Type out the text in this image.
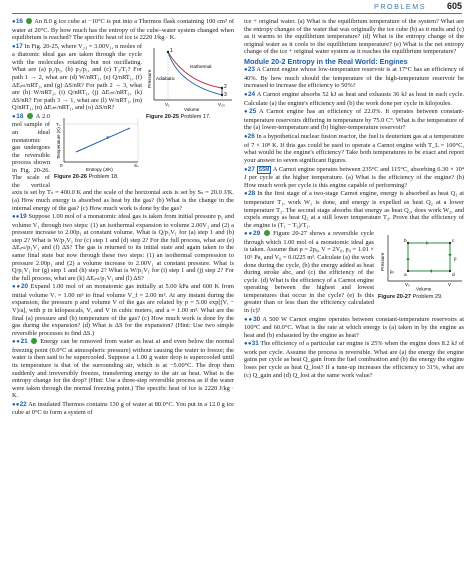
PROBLEMS 605

●16 An 8.0 g ice cube at −10°C is put into a Thermos flask containing 100 cm³ of water at 20°C. By how much has the entropy of the cube–water system changed when equilibrium is reached? The specific heat of ice is 2220 J/kg · K.

1
2
3
Isothermal
Adiabatic
V₁	V₂₃
Volume
Pressure
Figure 20-25 Problem 17.

●17 In Fig. 20-25, where V₂₃ = 3.00V₁, n moles of a diatomic ideal gas are taken through the cycle with the molecules rotating but not oscillating. What are (a) p₂/p₁, (b) p₃/p₁, and (c) T₃/T₁? For path 1 → 2, what are (d) W/nRT₁, (e) Q/nRT₁, (f) ΔEᵢₙₜ/nRT₁, and (g) ΔS/nR? For path 2 → 3, what are (h) W/nRT₁, (i) Q/nRT₁, (j) ΔEᵢₙₜ/nRT₁, (k) ΔS/nR? For path 3 → 1, what are (l) W/nRT₁, (m) Q/nRT₁, (n) ΔEᵢₙₜ/nRT₁, and (o) ΔS/nR?

Tₛ
0	Sₛ
Entropy (J/K)
Temperature (K)
Figure 20-26 Problem 18.

●18 A 2.0 mol sample of an ideal monatomic gas undergoes the reversible process shown in Fig. 20-26. The scale of the vertical axis is set by Tₛ = 400.0 K and the scale of the horizontal axis is set by Sₛ = 20.0 J/K. (a) How much energy is absorbed as heat by the gas? (b) What is the change in the internal energy of the gas? (c) How much work is done by the gas?

●●19 Suppose 1.00 mol of a monatomic ideal gas is taken from initial pressure p₁ and volume V₁ through two steps: (1) an isothermal expansion to volume 2.00V₁ and (2) a pressure increase to 2.00p₁ at constant volume. What is Q/p₁V₁ for (a) step 1 and (b) step 2? What is W/p₁V₁ for (c) step 1 and (d) step 2? For the full process, what are (e) ΔEᵢₙₜ/p₁V₁ and (f) ΔS? The gas is returned to its initial state and again taken to the same final state but now through these two steps: (1) an isothermal compression to pressure 2.00p₁ and (2) a volume increase to 2.00V₁ at constant pressure. What is Q/p₁V₁ for (g) step 1 and (h) step 2? What is W/p₁V₁ for (i) step 1 and (j) step 2? For the full process, what are (k) ΔEᵢₙₜ/p₁V₁ and (l) ΔS?

●●20 Expand 1.00 mol of an monatomic gas initially at 5.00 kPa and 600 K from initial volume Vᵢ = 1.00 m³ to final volume V_f = 2.00 m³. At any instant during the expansion, the pressure p and volume V of the gas are related by p = 5.00 exp[(Vᵢ − V)/a], with p in kilopascals, Vᵢ and V in cubic meters, and a = 1.00 m³. What are the final (a) pressure and (b) temperature of the gas? (c) How much work is done by the gas during the expansion? (d) What is ΔS for the expansion? (Hint: Use two simple reversible processes to find ΔS.)

●●21 Energy can be removed from water as heat at and even below the normal freezing point (0.0°C at atmospheric pressure) without causing the water to freeze; the water is then said to be supercooled. Suppose a 1.00 g water drop is supercooled until its temperature is that of the surrounding air, which is at −5.00°C. The drop then suddenly and irreversibly freezes, transferring energy to the air as heat. What is the entropy change for the drop? (Hint: Use a three-step reversible process as if the water were taken through the normal freezing point.) The specific heat of ice is 2220 J/kg · K.

●●22 An insulated Thermos contains 130 g of water at 80.0°C. You put in a 12.0 g ice cube at 0°C to form a system of

ice + original water. (a) What is the equilibrium temperature of the system? What are the entropy changes of the water that was originally the ice cube (b) as it melts and (c) as it warms to the equilibrium temperature? (d) What is the entropy change of the original water as it cools to the equilibrium temperature? (e) What is the net entropy change of the ice + original water system as it reaches the equilibrium temperature?

Module 20-2 Entropy in the Real World: Engines

●23 A Carnot engine whose low-temperature reservoir is at 17°C has an efficiency of 40%. By how much should the temperature of the high-temperature reservoir be increased to increase the efficiency to 50%?

●24 A Carnot engine absorbs 52 kJ as heat and exhausts 36 kJ as heat in each cycle. Calculate (a) the engine's efficiency and (b) the work done per cycle in kilojoules.

●25 A Carnot engine has an efficiency of 22.0%. It operates between constant-temperature reservoirs differing in temperature by 75.0 C°. What is the temperature of the (a) lower-temperature and (b) higher-temperature reservoir?

●26 In a hypothetical nuclear fusion reactor, the fuel is deuterium gas at a temperature of 7 × 10⁸ K. If this gas could be used to operate a Carnot engine with T_L = 100°C, what would be the engine's efficiency? Take both temperatures to be exact and report your answer to seven significant figures.

●27 SSM A Carnot engine operates between 235°C and 115°C, absorbing 6.30 × 10⁴ J per cycle at the higher temperature. (a) What is the efficiency of the engine? (b) How much work per cycle is this engine capable of performing?

●28 In the first stage of a two-stage Carnot engine, energy is absorbed as heat Q₁ at temperature T₁, work W₁ is done, and energy is expelled as heat Q₂ at a lower temperature T₂. The second stage absorbs that energy as heat Q₂, does work W₂, and expels energy as heat Q₃ at a still lower temperature T₃. Prove that the efficiency of the engine is (T₁ − T₃)/T₁.

a
b	c
d
p₀
p
V₀	V
Volume
Pressure
Figure 20-27 Problem 29.

●●29 Figure 20-27 shows a reversible cycle through which 1.00 mol of a monatomic ideal gas is taken. Assume that p = 2p₀, V = 2V₀, p₀ = 1.01 × 10⁵ Pa, and V₀ = 0.0225 m³. Calculate (a) the work done during the cycle, (b) the energy added as heat during stroke abc, and (c) the efficiency of the cycle. (d) What is the efficiency of a Carnot engine operating between the highest and lowest temperatures that occur in the cycle? (e) Is this greater than or less than the efficiency calculated in (c)?

●●30 A 500 W Carnot engine operates between constant-temperature reservoirs at 100°C and 60.0°C. What is the rate at which energy is (a) taken in by the engine as heat and (b) exhausted by the engine as heat?

●●31 The efficiency of a particular car engine is 25% when the engine does 8.2 kJ of work per cycle. Assume the process is reversible. What are (a) the energy the engine gains per cycle as heat Q_gain from the fuel combustion and (b) the energy the engine loses per cycle as heat Q_lost? If a tune-up increases the efficiency to 31%, what are (c) Q_gain and (d) Q_lost at the same work value?
